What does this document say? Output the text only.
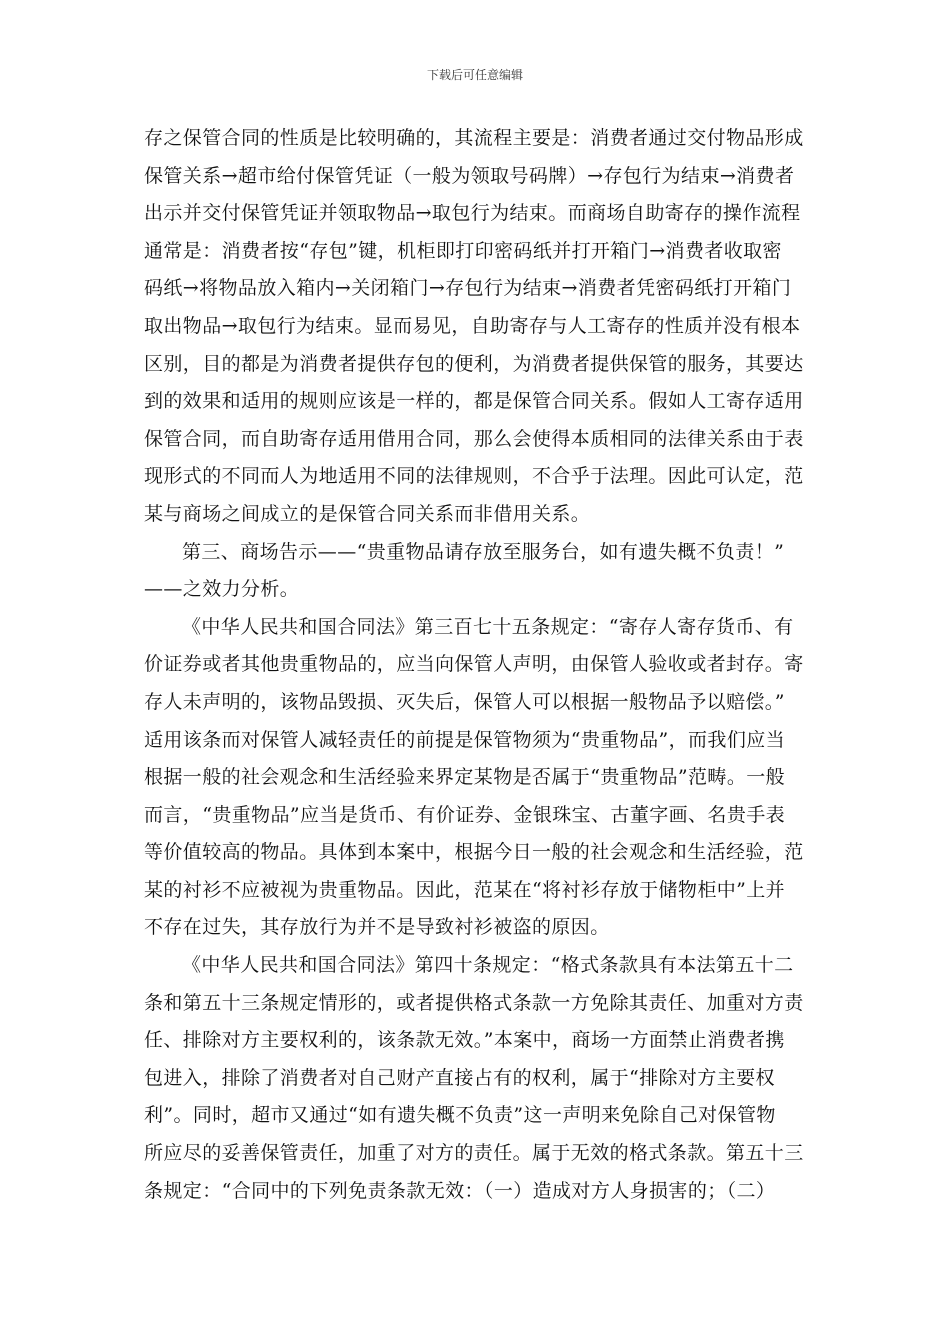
下载后可任意编辑
存之保管合同的性质是比较明确的，其流程主要是：消费者通过交付物品形成
保管关系→超市给付保管凭证（一般为领取号码牌）→存包行为结束→消费者
出示并交付保管凭证并领取物品→取包行为结束。而商场自助寄存的操作流程
通常是：消费者按“存包”键，机柜即打印密码纸并打开箱门→消费者收取密
码纸→将物品放入箱内→关闭箱门→存包行为结束→消费者凭密码纸打开箱门
取出物品→取包行为结束。显而易见，自助寄存与人工寄存的性质并没有根本
区别，目的都是为消费者提供存包的便利，为消费者提供保管的服务，其要达
到的效果和适用的规则应该是一样的，都是保管合同关系。假如人工寄存适用
保管合同，而自助寄存适用借用合同，那么会使得本质相同的法律关系由于表
现形式的不同而人为地适用不同的法律规则，不合乎于法理。因此可认定，范
某与商场之间成立的是保管合同关系而非借用关系。
第三、商场告示——“贵重物品请存放至服务台，如有遗失概不负责！”
——之效力分析。
《中华人民共和国合同法》第三百七十五条规定：“寄存人寄存货币、有
价证券或者其他贵重物品的，应当向保管人声明，由保管人验收或者封存。寄
存人未声明的，该物品毁损、灭失后，保管人可以根据一般物品予以赔偿。”
适用该条而对保管人减轻责任的前提是保管物须为“贵重物品”，而我们应当
根据一般的社会观念和生活经验来界定某物是否属于“贵重物品”范畴。一般
而言，“贵重物品”应当是货币、有价证券、金银珠宝、古董字画、名贵手表
等价值较高的物品。具体到本案中，根据今日一般的社会观念和生活经验，范
某的衬衫不应被视为贵重物品。因此，范某在“将衬衫存放于储物柜中”上并
不存在过失，其存放行为并不是导致衬衫被盗的原因。
《中华人民共和国合同法》第四十条规定：“格式条款具有本法第五十二
条和第五十三条规定情形的，或者提供格式条款一方免除其责任、加重对方责
任、排除对方主要权利的，该条款无效。”本案中，商场一方面禁止消费者携
包进入，排除了消费者对自己财产直接占有的权利，属于“排除对方主要权
利”。同时，超市又通过“如有遗失概不负责”这一声明来免除自己对保管物
所应尽的妥善保管责任，加重了对方的责任。属于无效的格式条款。第五十三
条规定：“合同中的下列免责条款无效：（一）造成对方人身损害的；（二）
